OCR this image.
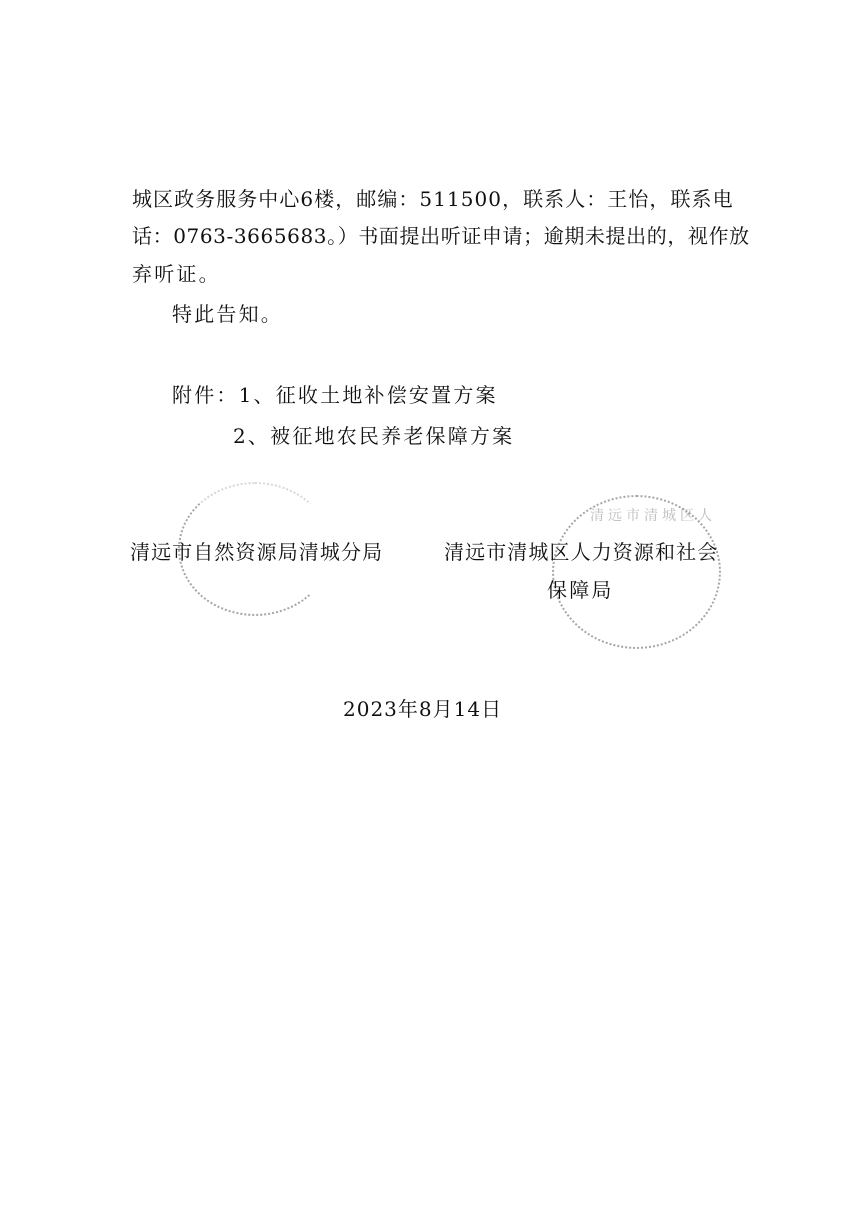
城区政务服务中心6楼，邮编：511500，联系人：王怡，联系电
话：0763-3665683。）书面提出听证申请；逾期未提出的，视作放
弃听证。
特此告知。
附件：1、征收土地补偿安置方案
2、被征地农民养老保障方案
清远市清城区人
清远市自然资源局清城分局	清远市清城区人力资源和社会
保障局
2023年8月14日
